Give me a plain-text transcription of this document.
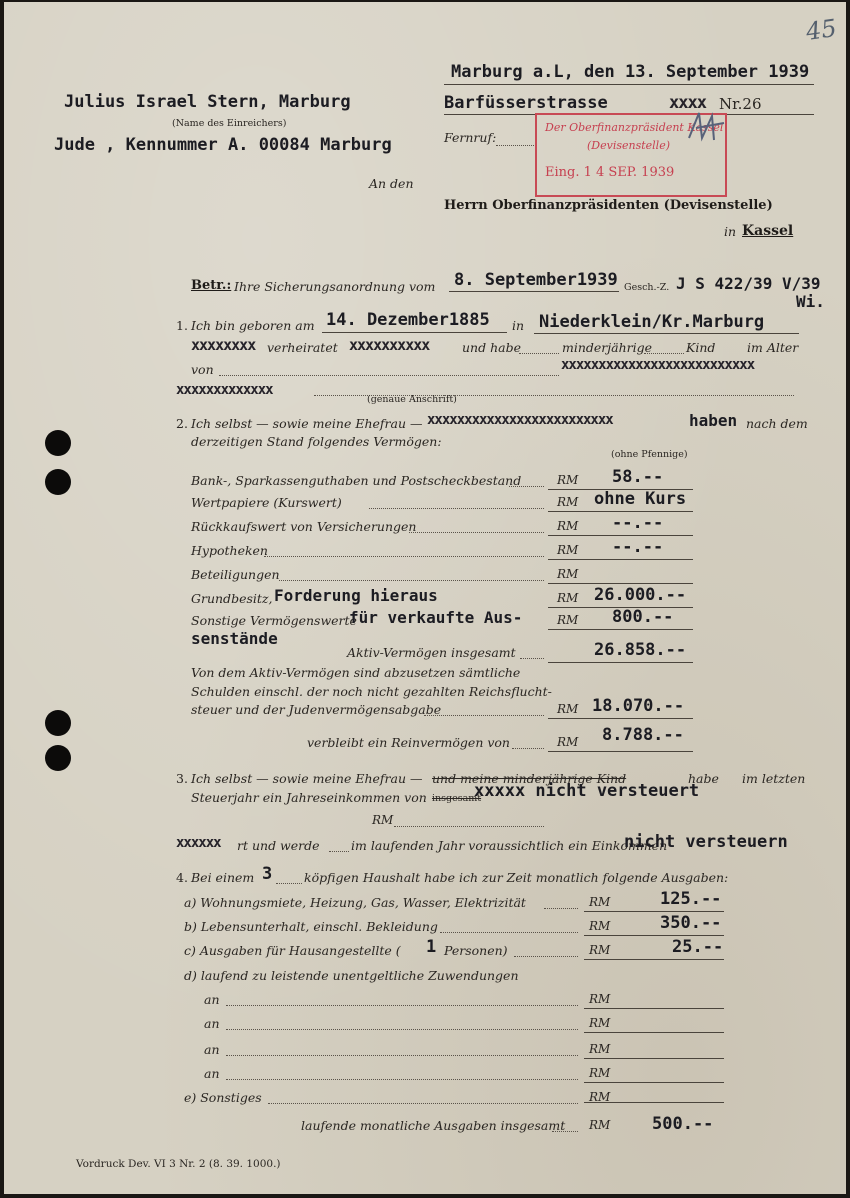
45
Julius Israel Stern, Marburg
(Name des Einreichers)
Jude , Kennummer A. 00084 Marburg
Marburg a.L, den 13. September 1939
Barfüsserstrasse	xxxx Nr.26
Fernruf:
Der Oberfinanzpräsident Kassel
(Devisenstelle)
Eing. 1 4 SEP. 1939
An den
Herrn Oberfinanzpräsidenten (Devisenstelle)
in Kassel
Betr.: Ihre Sicherungsanordnung vom 8. September1939 Gesch.-Z. J S 422/39 V/39
Wi.
1. Ich bin geboren am 14. Dezember1885 in Niederklein/Kr.Marburg
xxxxxxxx verheiratet xxxxxxxxxx	und habe	minderjährige	Kind	im Alter
von	xxxxxxxxxxxxxxxxxxxxxxxxxx
xxxxxxxxxxxxx
(genaue Anschrift)
2. Ich selbst — sowie meine Ehefrau — xxxxxxxxxxxxxxxxxxxxxxxxx	haben nach dem
derzeitigen Stand folgendes Vermögen:
(ohne Pfennige)
Bank-, Sparkassenguthaben und Postscheckbestand	RM 58.--
Wertpapiere (Kurswert)	RM ohne Kurs
Rückkaufswert von Versicherungen	RM --.--
Hypotheken	RM --.--
Beteiligungen	RM
Grundbesitz, Forderung hieraus	RM 26.000.--
Sonstige Vermögenswerte
für verkaufte Aus-	RM 800.--
senstände
Aktiv-Vermögen insgesamt	26.858.--
Von dem Aktiv-Vermögen sind abzusetzen sämtliche
Schulden einschl. der noch nicht gezahlten Reichsflucht-
steuer und der Judenvermögensabgabe	RM 18.070.--
verbleibt ein Reinvermögen von	RM 8.788.--
3. Ich selbst — sowie meine Ehefrau — und meine minderjährige Kind	habe im letzten
Steuerjahr ein Jahreseinkommen von insgesamt
xxxxx nicht versteuert
RM
xxxxxx rt und werde	im laufenden Jahr voraussichtlich ein Einkommen
nicht versteuern
4. Bei einem 3	köpfigen Haushalt habe ich zur Zeit monatlich folgende Ausgaben:
a) Wohnungsmiete, Heizung, Gas, Wasser, Elektrizität	RM	125.--
b) Lebensunterhalt, einschl. Bekleidung	RM	350.--
c) Ausgaben für Hausangestellte ( 1 Personen)	RM	25.--
d) laufend zu leistende unentgeltliche Zuwendungen
an	RM
an	RM
an	RM
an	RM
e) Sonstiges	RM
laufende monatliche Ausgaben insgesamt RM 500.--
Vordruck Dev. VI 3 Nr. 2 (8. 39. 1000.)
